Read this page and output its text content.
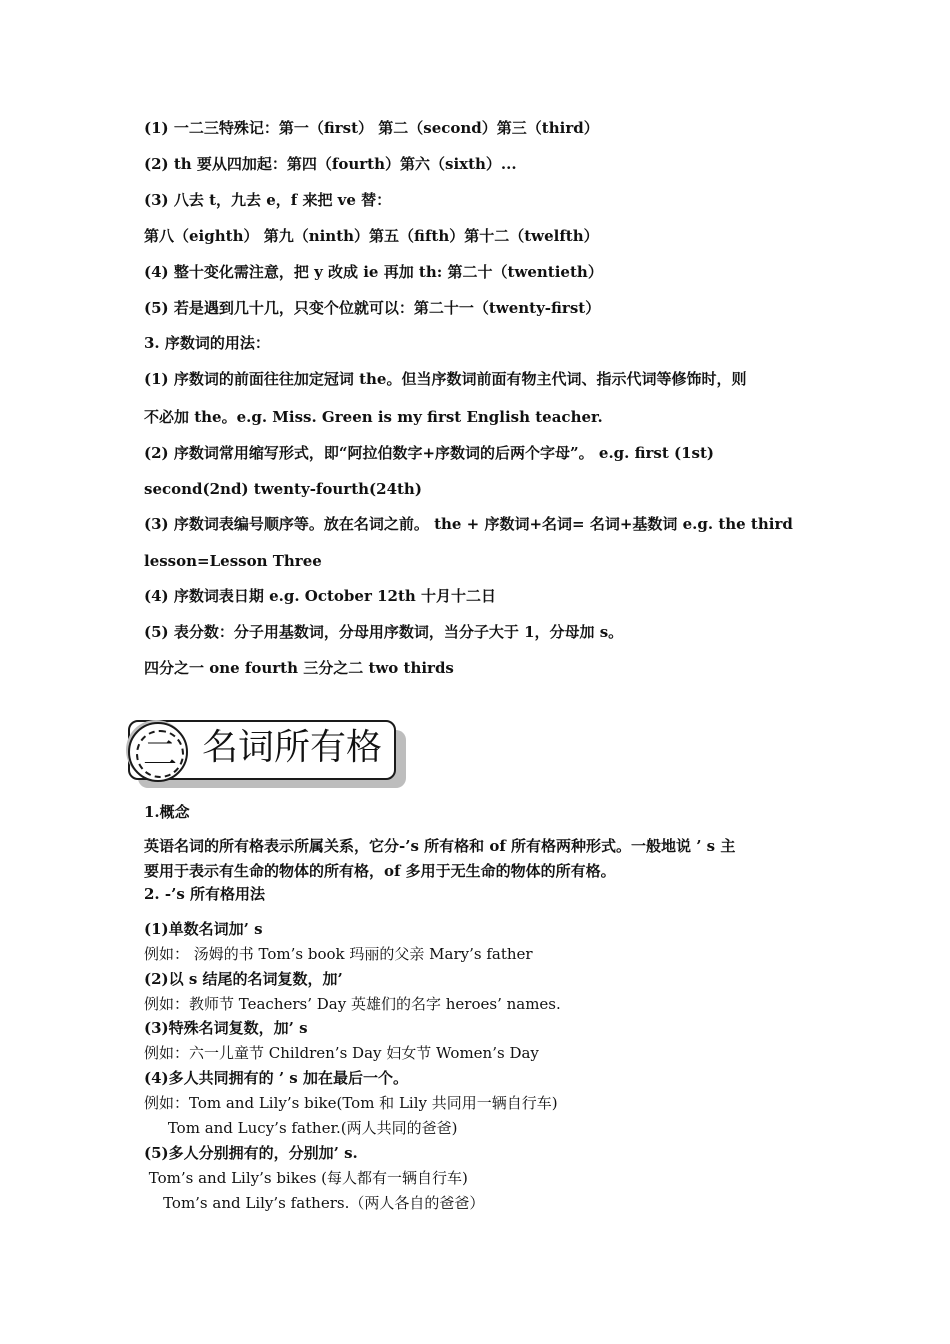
(1) 一二三特殊记：第一（first） 第二（second）第三（third）
(2) th 要从四加起：第四（fourth）第六（sixth）...
(3) 八去 t，九去 e，f 来把 ve 替：
第八（eighth） 第九（ninth）第五（fifth）第十二（twelfth）
(4) 整十变化需注意，把 y 改成 ie 再加 th: 第二十（twentieth）
(5) 若是遇到几十几，只变个位就可以：第二十一（twenty-first）
3. 序数词的用法：
(1) 序数词的前面往往加定冠词 the。但当序数词前面有物主代词、指示代词等修饰时，则
不必加 the。e.g. Miss. Green is my first English teacher.
(2) 序数词常用缩写形式，即“阿拉伯数字+序数词的后两个字母”。 e.g. first (1st)
second(2nd) twenty-fourth(24th)
(3) 序数词表编号顺序等。放在名词之前。 the + 序数词+名词= 名词+基数词 e.g. the third
lesson=Lesson Three
(4) 序数词表日期 e.g. October 12th 十月十二日
(5) 表分数：分子用基数词，分母用序数词，当分子大于 1，分母加 s。
四分之一 one fourth 三分之二 two thirds
名词所有格
二
1.概念
英语名词的所有格表示所属关系，它分-’s 所有格和 of 所有格两种形式。一般地说 ’ s 主
要用于表示有生命的物体的所有格，of 多用于无生命的物体的所有格。
2. -’s 所有格用法
(1)单数名词加’ s
例如： 汤姆的书 Tom’s book 玛丽的父亲 Mary’s father
(2)以 s 结尾的名词复数，加’
例如：教师节 Teachers’ Day 英雄们的名字 heroes’ names.
(3)特殊名词复数，加’ s
例如：六一儿童节 Children’s Day 妇女节 Women’s Day
(4)多人共同拥有的 ’ s 加在最后一个。
例如：Tom and Lily’s bike(Tom 和 Lily 共同用一辆自行车)
Tom and Lucy’s father.(两人共同的爸爸)
(5)多人分别拥有的，分别加’ s.
Tom’s and Lily’s bikes (每人都有一辆自行车)
Tom’s and Lily’s fathers.（两人各自的爸爸）
